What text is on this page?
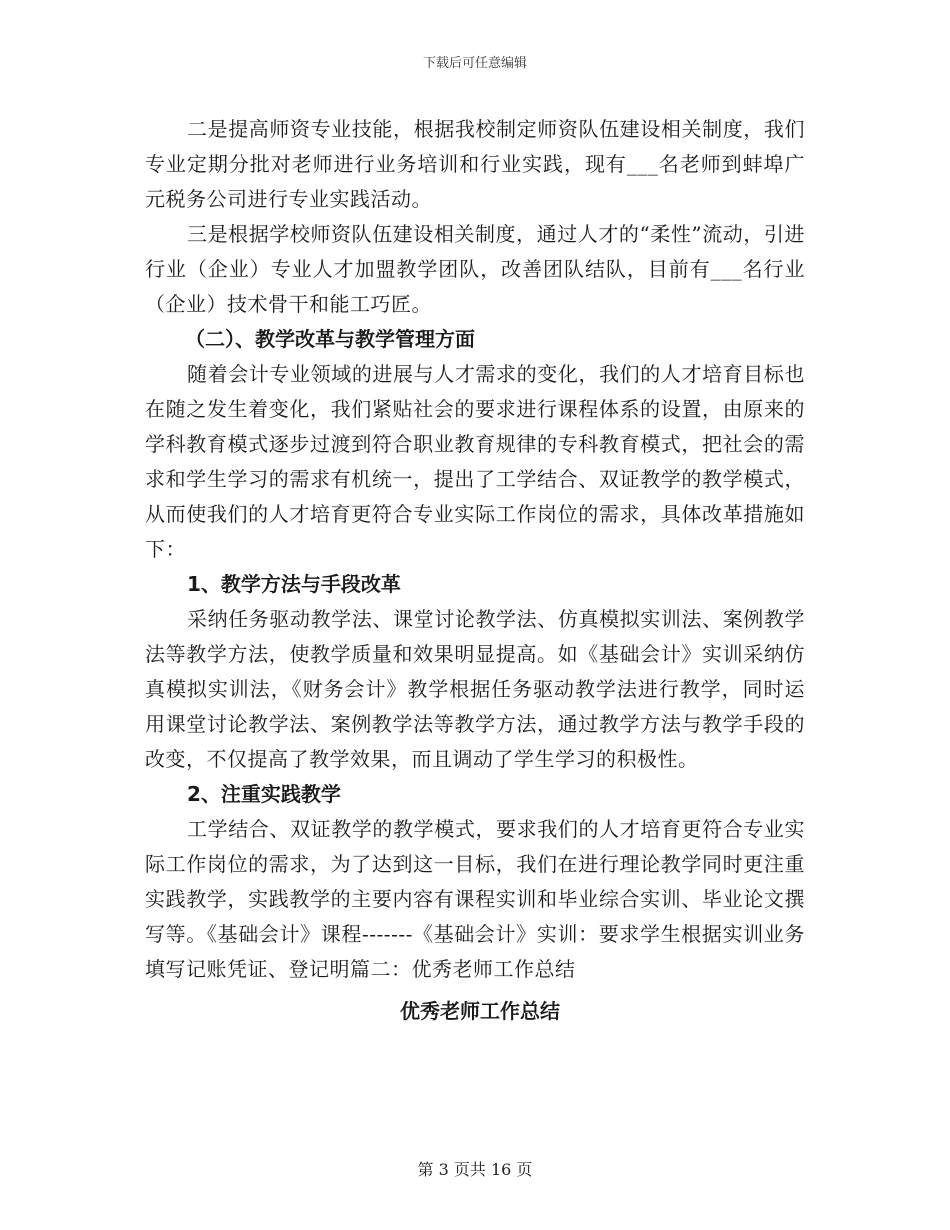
下载后可任意编辑

二是提高师资专业技能，根据我校制定师资队伍建设相关制度，我们专业定期分批对老师进行业务培训和行业实践，现有___名老师到蚌埠广元税务公司进行专业实践活动。

三是根据学校师资队伍建设相关制度，通过人才的“柔性”流动，引进行业（企业）专业人才加盟教学团队，改善团队结队，目前有___名行业（企业）技术骨干和能工巧匠。

（二）、教学改革与教学管理方面

随着会计专业领域的进展与人才需求的变化，我们的人才培育目标也在随之发生着变化，我们紧贴社会的要求进行课程体系的设置，由原来的学科教育模式逐步过渡到符合职业教育规律的专科教育模式，把社会的需求和学生学习的需求有机统一，提出了工学结合、双证教学的教学模式，从而使我们的人才培育更符合专业实际工作岗位的需求，具体改革措施如下：

1、教学方法与手段改革

采纳任务驱动教学法、课堂讨论教学法、仿真模拟实训法、案例教学法等教学方法，使教学质量和效果明显提高。如《基础会计》实训采纳仿真模拟实训法，《财务会计》教学根据任务驱动教学法进行教学，同时运用课堂讨论教学法、案例教学法等教学方法，通过教学方法与教学手段的改变，不仅提高了教学效果，而且调动了学生学习的积极性。

2、注重实践教学

工学结合、双证教学的教学模式，要求我们的人才培育更符合专业实际工作岗位的需求，为了达到这一目标，我们在进行理论教学同时更注重实践教学，实践教学的主要内容有课程实训和毕业综合实训、毕业论文撰写等。《基础会计》课程-------《基础会计》实训：要求学生根据实训业务填写记账凭证、登记明篇二：优秀老师工作总结

优秀老师工作总结

第 3 页共 16 页
